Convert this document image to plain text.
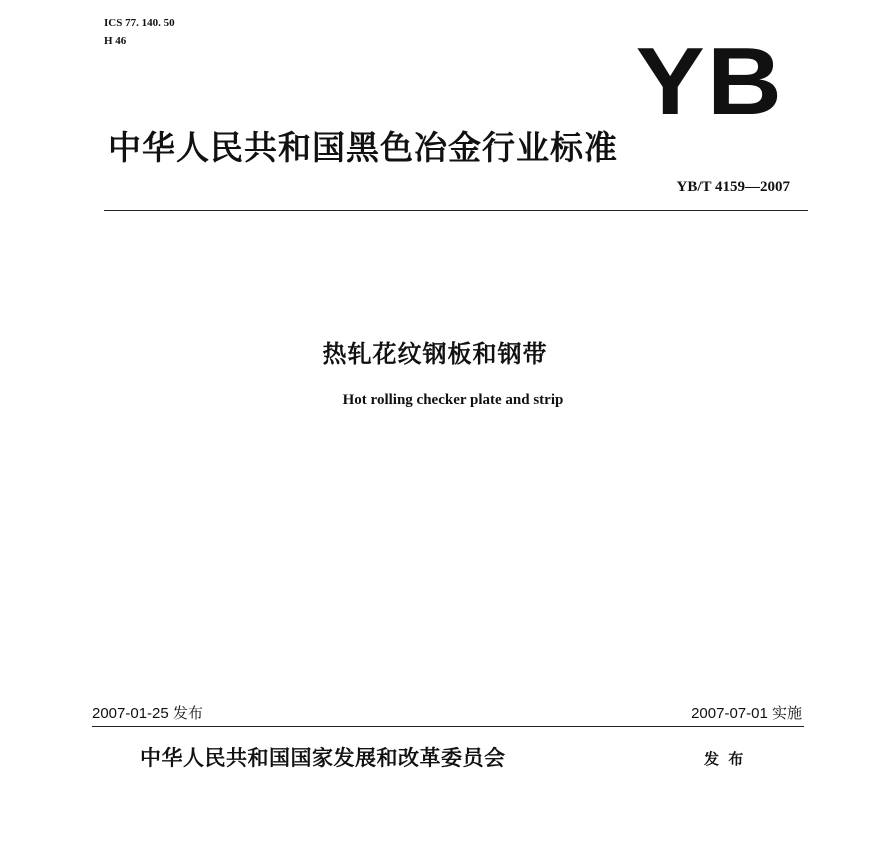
ICS 77. 140. 50
H 46	YB
中华人民共和国黑色冶金行业标准
YB/T 4159—2007
热轧花纹钢板和钢带
Hot rolling checker plate and strip
2007-01-25 发布	2007-07-01 实施
中华人民共和国国家发展和改革委员会	发 布
